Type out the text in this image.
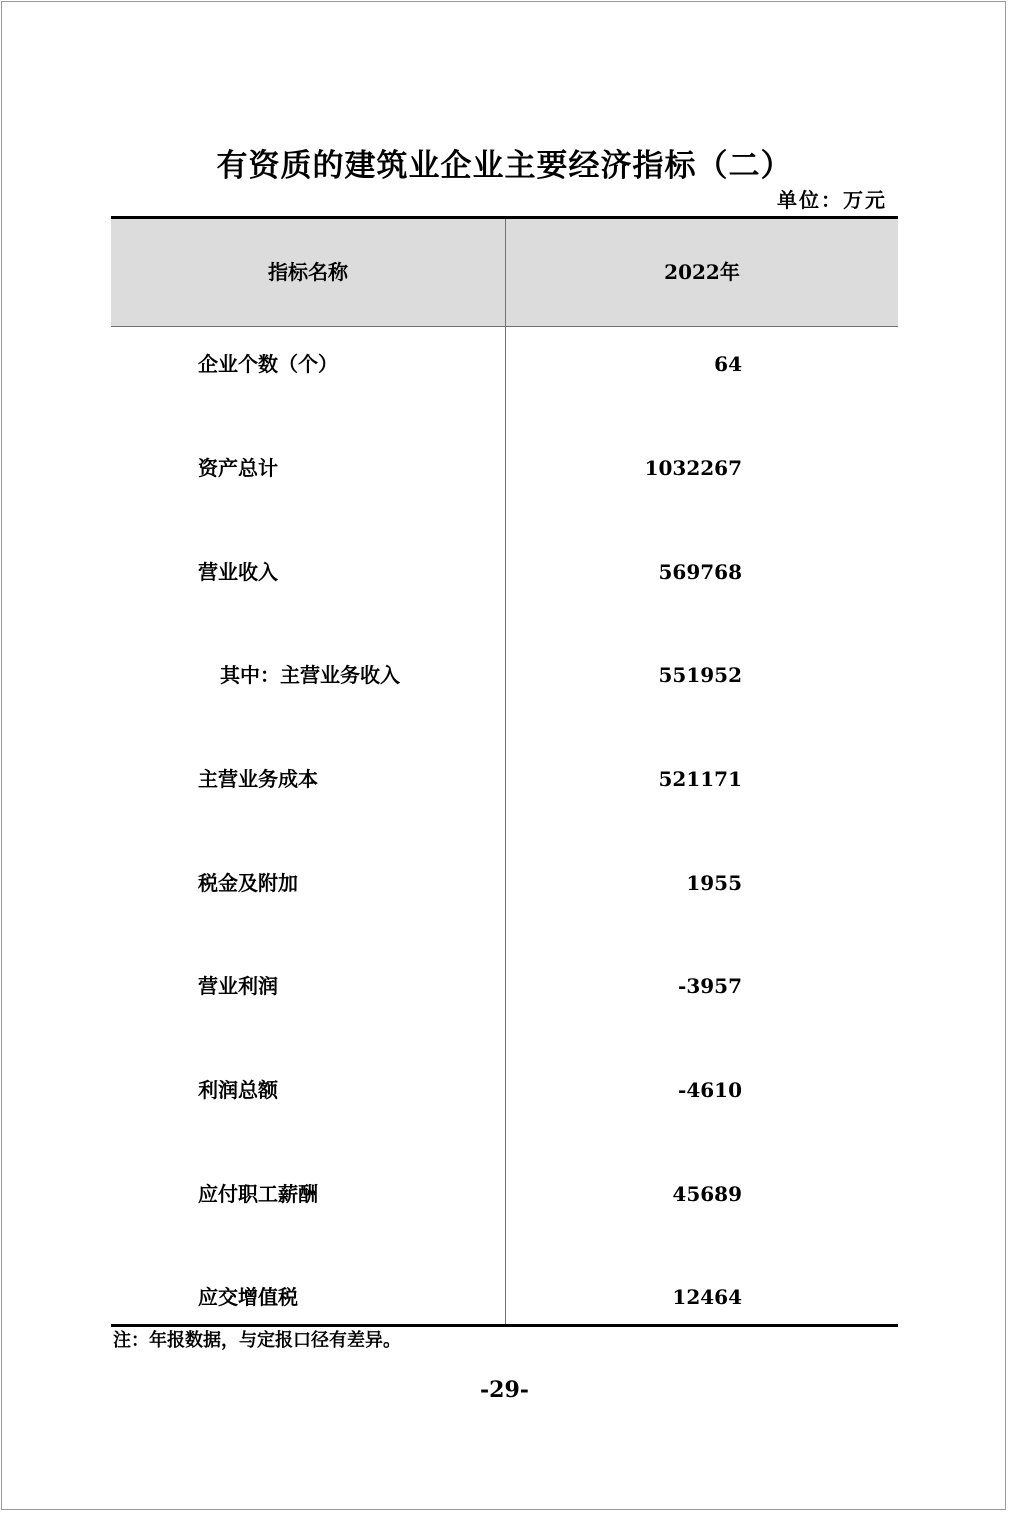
有资质的建筑业企业主要经济指标（二）
单位：万元
指标名称	2022年
企业个数（个）	64
资产总计	1032267
营业收入	569768
其中：主营业务收入	551952
主营业务成本	521171
税金及附加	1955
营业利润	-3957
利润总额	-4610
应付职工薪酬	45689
应交增值税	12464
注：年报数据，与定报口径有差异。
-29-
